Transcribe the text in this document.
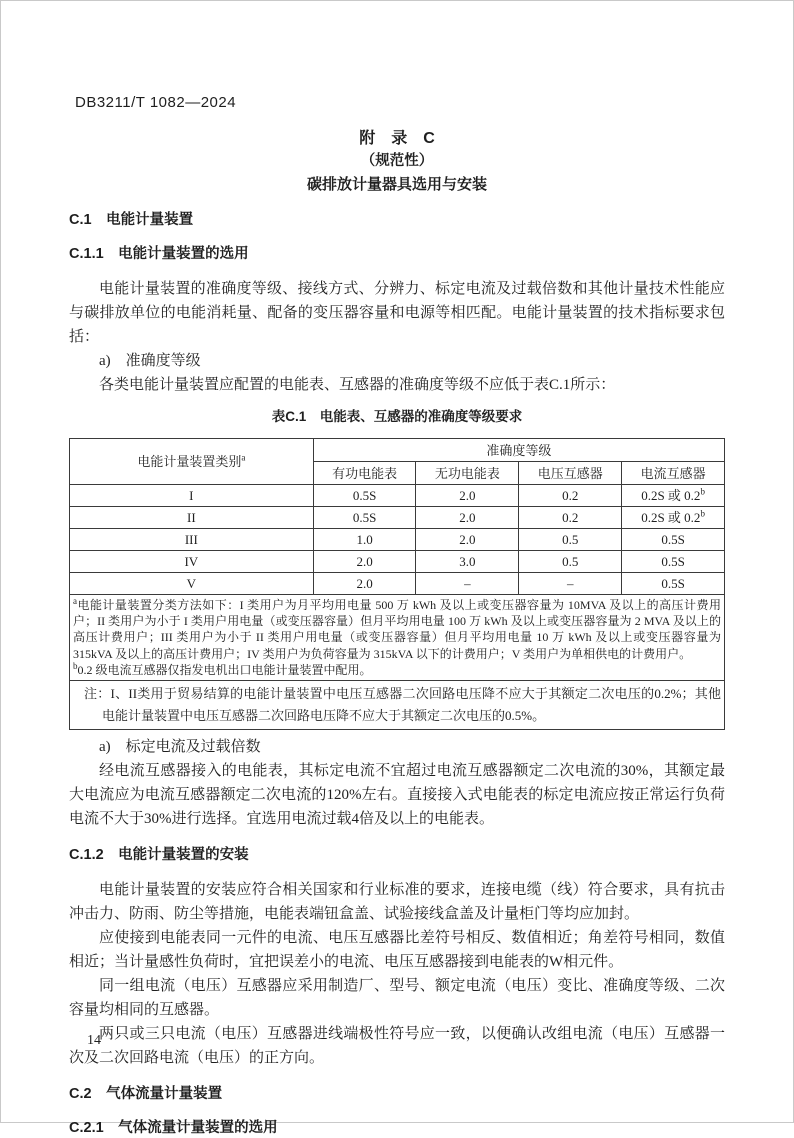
DB3211/T 1082—2024
附　录　C
（规范性）
碳排放计量器具选用与安装
C.1　电能计量装置
C.1.1　电能计量装置的选用

电能计量装置的准确度等级、接线方式、分辨力、标定电流及过载倍数和其他计量技术性能应与碳排放单位的电能消耗量、配备的变压器容量和电源等相匹配。电能计量装置的技术指标要求包括：

a)　准确度等级

各类电能计量装置应配置的电能表、互感器的准确度等级不应低于表C.1所示：

表C.1　电能表、互感器的准确度等级要求
电能计量装置类别$^a$	准确度等级			
	有功电能表	无功电能表	电压互感器	电流互感器
I	0.5S	2.0	0.2	0.2S 或 0.2$^b$
II	0.5S	2.0	0.2	0.2S 或 0.2$^b$
III	1.0	2.0	0.5	0.5S
IV	2.0	3.0	0.5	0.5S
V	2.0	–	–	0.5S

$^a$电能计量装置分类方法如下：I 类用户为月平均用电量 500 万 kWh 及以上或变压器容量为 10MVA 及以上的高压计费用户；II 类用户为小于 I 类用户用电量（或变压器容量）但月平均用电量 100 万 kWh 及以上或变压器容量为 2 MVA 及以上的高压计费用户；III 类用户为小于 II 类用户用电量（或变压器容量）但月平均用电量 10 万 kWh 及以上或变压器容量为 315kVA 及以上的高压计费用户；IV 类用户为负荷容量为 315kVA 以下的计费用户；V 类用户为单相供电的计费用户。

$^b$0.2 级电流互感器仅指发电机出口电能计量装置中配用。				

注：I、II类用于贸易结算的电能计量装置中电压互感器二次回路电压降不应大于其额定二次电压的0.2%；其他电能计量装置中电压互感器二次回路电压降不应大于其额定二次电压的0.5%。				

a)　标定电流及过载倍数

经电流互感器接入的电能表，其标定电流不宜超过电流互感器额定二次电流的30%，其额定最大电流应为电流互感器额定二次电流的120%左右。直接接入式电能表的标定电流应按正常运行负荷电流不大于30%进行选择。宜选用电流过载4倍及以上的电能表。

C.1.2　电能计量装置的安装

电能计量装置的安装应符合相关国家和行业标准的要求，连接电缆（线）符合要求，具有抗击冲击力、防雨、防尘等措施，电能表端钮盒盖、试验接线盒盖及计量柜门等均应加封。

应使接到电能表同一元件的电流、电压互感器比差符号相反、数值相近；角差符号相同，数值相近；当计量感性负荷时，宜把误差小的电流、电压互感器接到电能表的W相元件。

同一组电流（电压）互感器应采用制造厂、型号、额定电流（电压）变比、准确度等级、二次容量均相同的互感器。

两只或三只电流（电压）互感器进线端极性符号应一致，以便确认改组电流（电压）互感器一次及二次回路电流（电压）的正方向。

C.2　气体流量计量装置
C.2.1　气体流量计量装置的选用
14
